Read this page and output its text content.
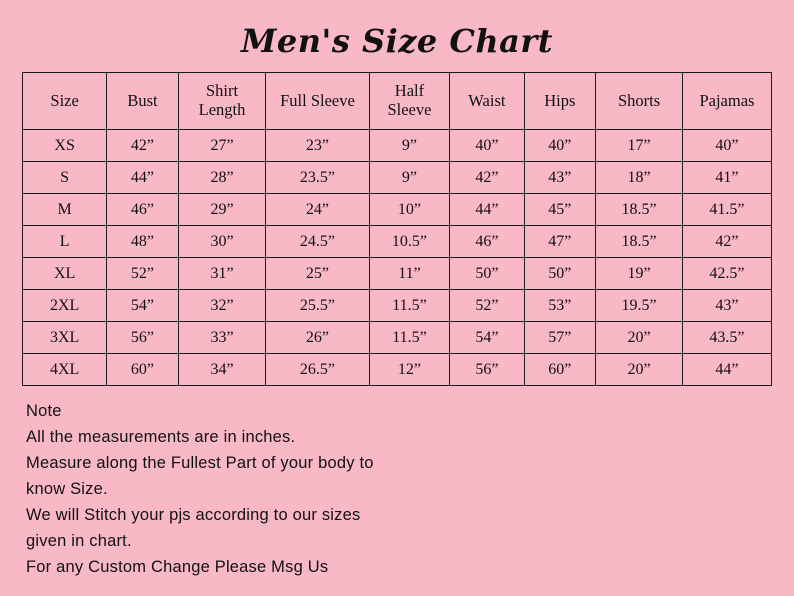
Men's Size Chart
Size	Bust	Shirt Length	Full Sleeve	Half Sleeve	Waist	Hips	Shorts	Pajamas
XS	42”	27”	23”	9”	40”	40”	17”	40”
S	44”	28”	23.5”	9”	42”	43”	18”	41”
M	46”	29”	24”	10”	44”	45”	18.5”	41.5”
L	48”	30”	24.5”	10.5”	46”	47”	18.5”	42”
XL	52”	31”	25”	11”	50”	50”	19”	42.5”
2XL	54”	32”	25.5”	11.5”	52”	53”	19.5”	43”
3XL	56”	33”	26”	11.5”	54”	57”	20”	43.5”
4XL	60”	34”	26.5”	12”	56”	60”	20”	44”
Note
All the measurements are in inches.
Measure along the Fullest Part of your body to
know Size.
We will Stitch your pjs according to our sizes
given in chart.
For any Custom Change Please Msg Us
